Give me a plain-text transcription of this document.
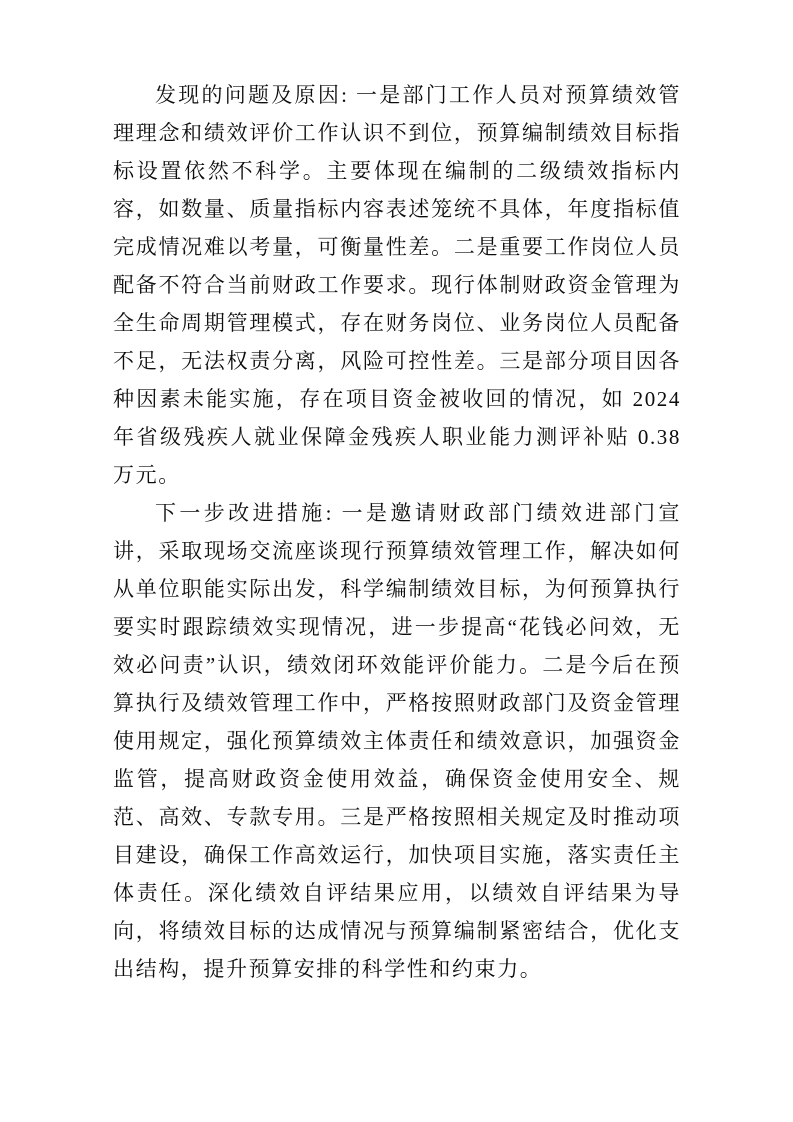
发现的问题及原因: 一是部门工作人员对预算绩效管理理念和绩效评价工作认识不到位，预算编制绩效目标指标设置依然不科学。主要体现在编制的二级绩效指标内容，如数量、质量指标内容表述笼统不具体，年度指标值完成情况难以考量，可衡量性差。二是重要工作岗位人员配备不符合当前财政工作要求。现行体制财政资金管理为全生命周期管理模式，存在财务岗位、业务岗位人员配备不足，无法权责分离，风险可控性差。三是部分项目因各种因素未能实施，存在项目资金被收回的情况，如 2024 年省级残疾人就业保障金残疾人职业能力测评补贴 0.38 万元。

下一步改进措施: 一是邀请财政部门绩效进部门宣讲，采取现场交流座谈现行预算绩效管理工作，解决如何从单位职能实际出发，科学编制绩效目标，为何预算执行要实时跟踪绩效实现情况，进一步提高“花钱必问效，无效必问责”认识，绩效闭环效能评价能力。二是今后在预算执行及绩效管理工作中，严格按照财政部门及资金管理使用规定，强化预算绩效主体责任和绩效意识，加强资金监管，提高财政资金使用效益，确保资金使用安全、规范、高效、专款专用。三是严格按照相关规定及时推动项目建设，确保工作高效运行，加快项目实施，落实责任主体责任。深化绩效自评结果应用，以绩效自评结果为导向，将绩效目标的达成情况与预算编制紧密结合，优化支出结构，提升预算安排的科学性和约束力。
